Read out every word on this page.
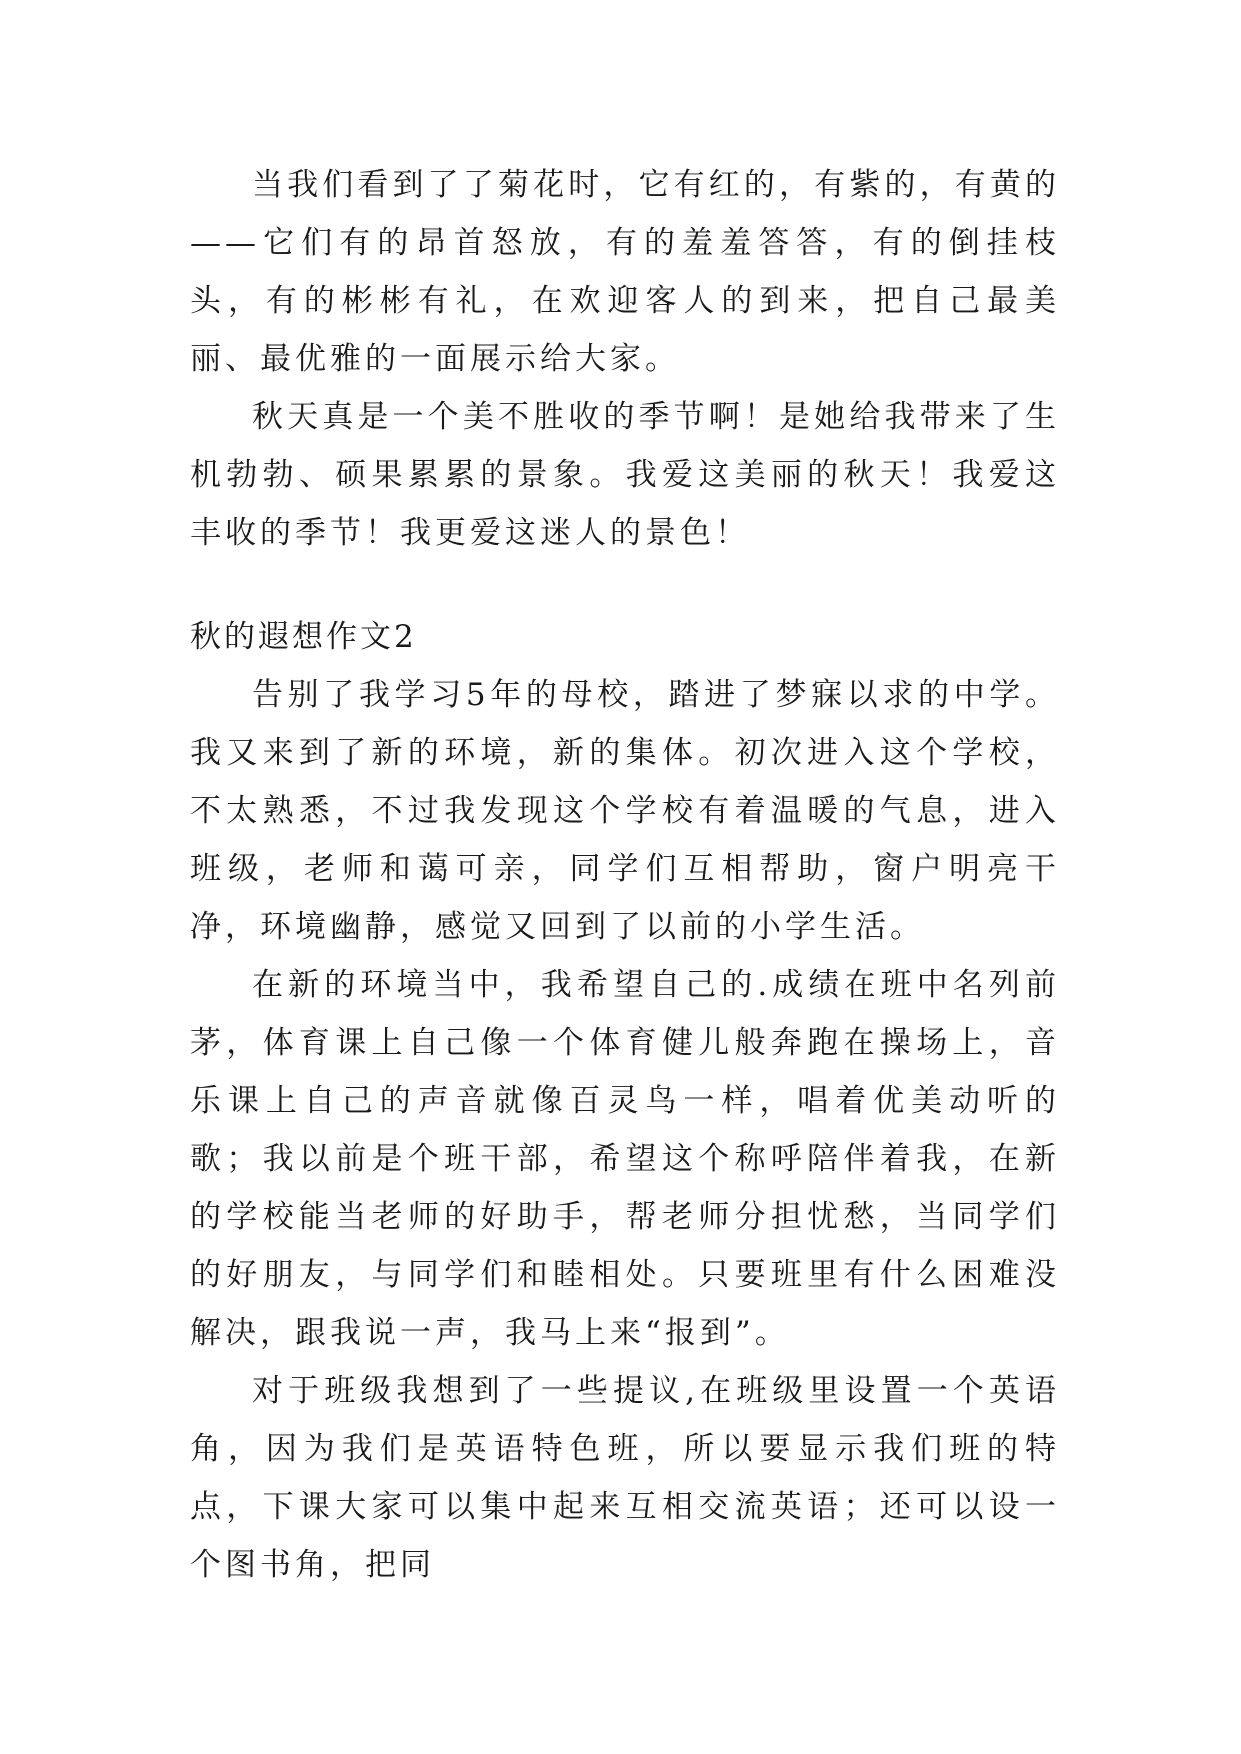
当我们看到了了菊花时，它有红的，有紫的，有黄的——它们有的昂首怒放，有的羞羞答答，有的倒挂枝头，有的彬彬有礼，在欢迎客人的到来，把自己最美丽、最优雅的一面展示给大家。

秋天真是一个美不胜收的季节啊！是她给我带来了生机勃勃、硕果累累的景象。我爱这美丽的秋天！我爱这丰收的季节！我更爱这迷人的景色！

秋的遐想作文2

告别了我学习5年的母校，踏进了梦寐以求的中学。我又来到了新的环境，新的集体。初次进入这个学校，不太熟悉，不过我发现这个学校有着温暖的气息，进入班级，老师和蔼可亲，同学们互相帮助，窗户明亮干净，环境幽静，感觉又回到了以前的小学生活。

在新的环境当中，我希望自己的.成绩在班中名列前茅，体育课上自己像一个体育健儿般奔跑在操场上，音乐课上自己的声音就像百灵鸟一样，唱着优美动听的歌；我以前是个班干部，希望这个称呼陪伴着我，在新的学校能当老师的好助手，帮老师分担忧愁，当同学们的好朋友，与同学们和睦相处。只要班里有什么困难没解决，跟我说一声，我马上来“报到”。

对于班级我想到了一些提议,在班级里设置一个英语角，因为我们是英语特色班，所以要显示我们班的特点，下课大家可以集中起来互相交流英语；还可以设一个图书角，把同
